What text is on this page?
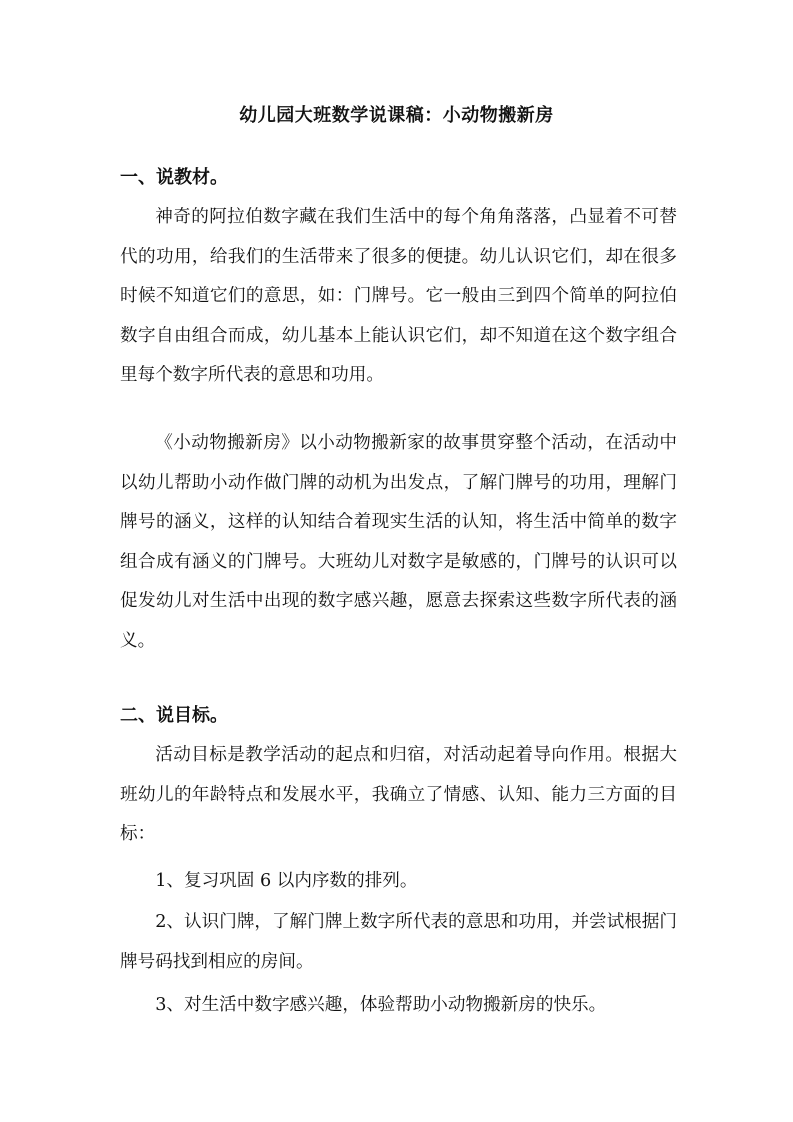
幼儿园大班数学说课稿：小动物搬新房
一、说教材。
神奇的阿拉伯数字藏在我们生活中的每个角角落落，凸显着不可替代的功用，给我们的生活带来了很多的便捷。幼儿认识它们，却在很多时候不知道它们的意思，如：门牌号。它一般由三到四个简单的阿拉伯数字自由组合而成，幼儿基本上能认识它们，却不知道在这个数字组合里每个数字所代表的意思和功用。
《小动物搬新房》以小动物搬新家的故事贯穿整个活动，在活动中以幼儿帮助小动作做门牌的动机为出发点，了解门牌号的功用，理解门牌号的涵义，这样的认知结合着现实生活的认知，将生活中简单的数字组合成有涵义的门牌号。大班幼儿对数字是敏感的，门牌号的认识可以促发幼儿对生活中出现的数字感兴趣，愿意去探索这些数字所代表的涵义。
二、说目标。
活动目标是教学活动的起点和归宿，对活动起着导向作用。根据大班幼儿的年龄特点和发展水平，我确立了情感、认知、能力三方面的目标：
1、复习巩固 6 以内序数的排列。
2、认识门牌，了解门牌上数字所代表的意思和功用，并尝试根据门牌号码找到相应的房间。
3、对生活中数字感兴趣，体验帮助小动物搬新房的快乐。
